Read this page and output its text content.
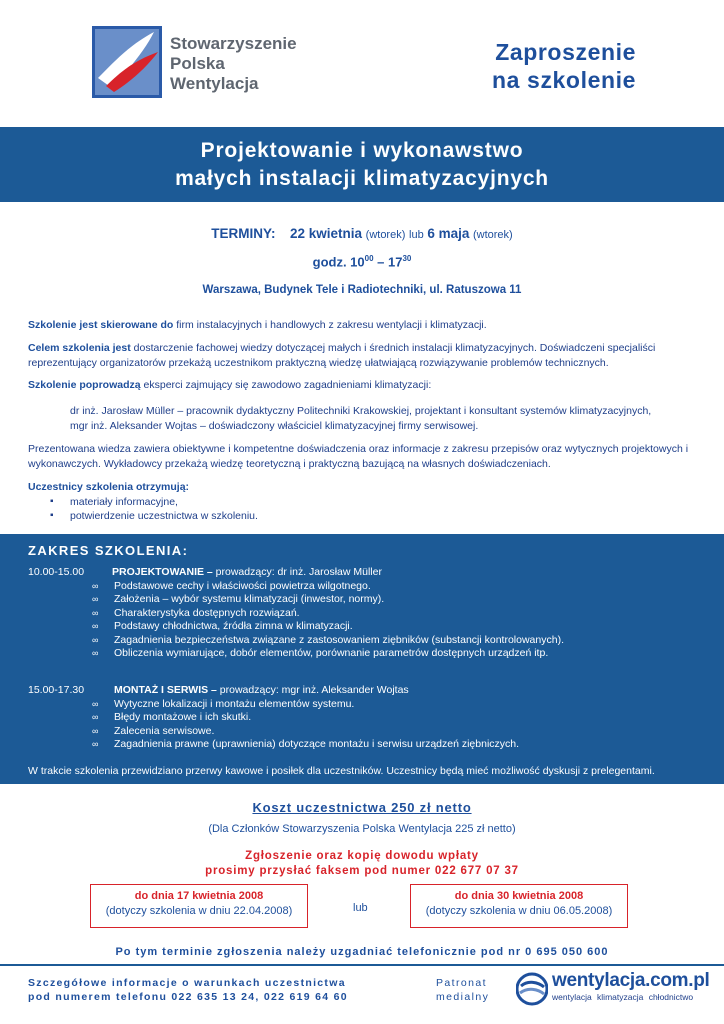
Stowarzyszenie
Polska
Wentylacja
Zaproszenie
na szkolenie
Projektowanie i wykonawstwo
małych instalacji klimatyzacyjnych
TERMINY: 22 kwietnia (wtorek) lub 6 maja (wtorek)
godz. $10^{00} - 17^{30}$
Warszawa, Budynek Tele i Radiotechniki, ul. Ratuszowa 11
Szkolenie jest skierowane do firm instalacyjnych i handlowych z zakresu wentylacji i klimatyzacji.
Celem szkolenia jest dostarczenie fachowej wiedzy dotyczącej małych i średnich instalacji klimatyzacyjnych. Doświadczeni specjaliści reprezentujący organizatorów przekażą uczestnikom praktyczną wiedzę ułatwiającą rozwiązywanie problemów technicznych.
Szkolenie poprowadzą eksperci zajmujący się zawodowo zagadnieniami klimatyzacji:
dr inż. Jarosław Müller – pracownik dydaktyczny Politechniki Krakowskiej, projektant i konsultant systemów klimatyzacyjnych,
mgr inż. Aleksander Wojtas – doświadczony właściciel klimatyzacyjnej firmy serwisowej.
Prezentowana wiedza zawiera obiektywne i kompetentne doświadczenia oraz informacje z zakresu przepisów oraz wytycznych projektowych i wykonawczych. Wykładowcy przekażą wiedzę teoretyczną i praktyczną bazującą na własnych doświadczeniach.
Uczestnicy szkolenia otrzymują:
▪ materiały informacyjne,
▪ potwierdzenie uczestnictwa w szkoleniu.
ZAKRES SZKOLENIA:
10.00-15.00	PROJEKTOWANIE – prowadzący: dr inż. Jarosław Müller
∞ Podstawowe cechy i właściwości powietrza wilgotnego.
∞ Założenia – wybór systemu klimatyzacji (inwestor, normy).
∞ Charakterystyka dostępnych rozwiązań.
∞ Podstawy chłodnictwa, źródła zimna w klimatyzacji.
∞ Zagadnienia bezpieczeństwa związane z zastosowaniem ziębników (substancji kontrolowanych).
∞ Obliczenia wymiarujące, dobór elementów, porównanie parametrów dostępnych urządzeń itp.
15.00-17.30	MONTAŻ I SERWIS – prowadzący: mgr inż. Aleksander Wojtas
∞ Wytyczne lokalizacji i montażu elementów systemu.
∞ Błędy montażowe i ich skutki.
∞ Zalecenia serwisowe.
∞ Zagadnienia prawne (uprawnienia) dotyczące montażu i serwisu urządzeń ziębniczych.
W trakcie szkolenia przewidziano przerwy kawowe i posiłek dla uczestników. Uczestnicy będą mieć możliwość dyskusji z prelegentami.
Koszt uczestnictwa 250 zł netto
(Dla Członków Stowarzyszenia Polska Wentylacja 225 zł netto)
Zgłoszenie oraz kopię dowodu wpłaty
prosimy przysłać faksem pod numer 022 677 07 37
do dnia 17 kwietnia 2008
(dotyczy szkolenia w dniu 22.04.2008)	lub
do dnia 30 kwietnia 2008
(dotyczy szkolenia w dniu 06.05.2008)
Po tym terminie zgłoszenia należy uzgadniać telefonicznie pod nr 0 695 050 600
Szczegółowe informacje o warunkach uczestnictwa
pod numerem telefonu 022 635 13 24, 022 619 64 60
Patronat
medialny
wentylacja.com.pl
wentylacja klimatyzacja chłodnictwo
